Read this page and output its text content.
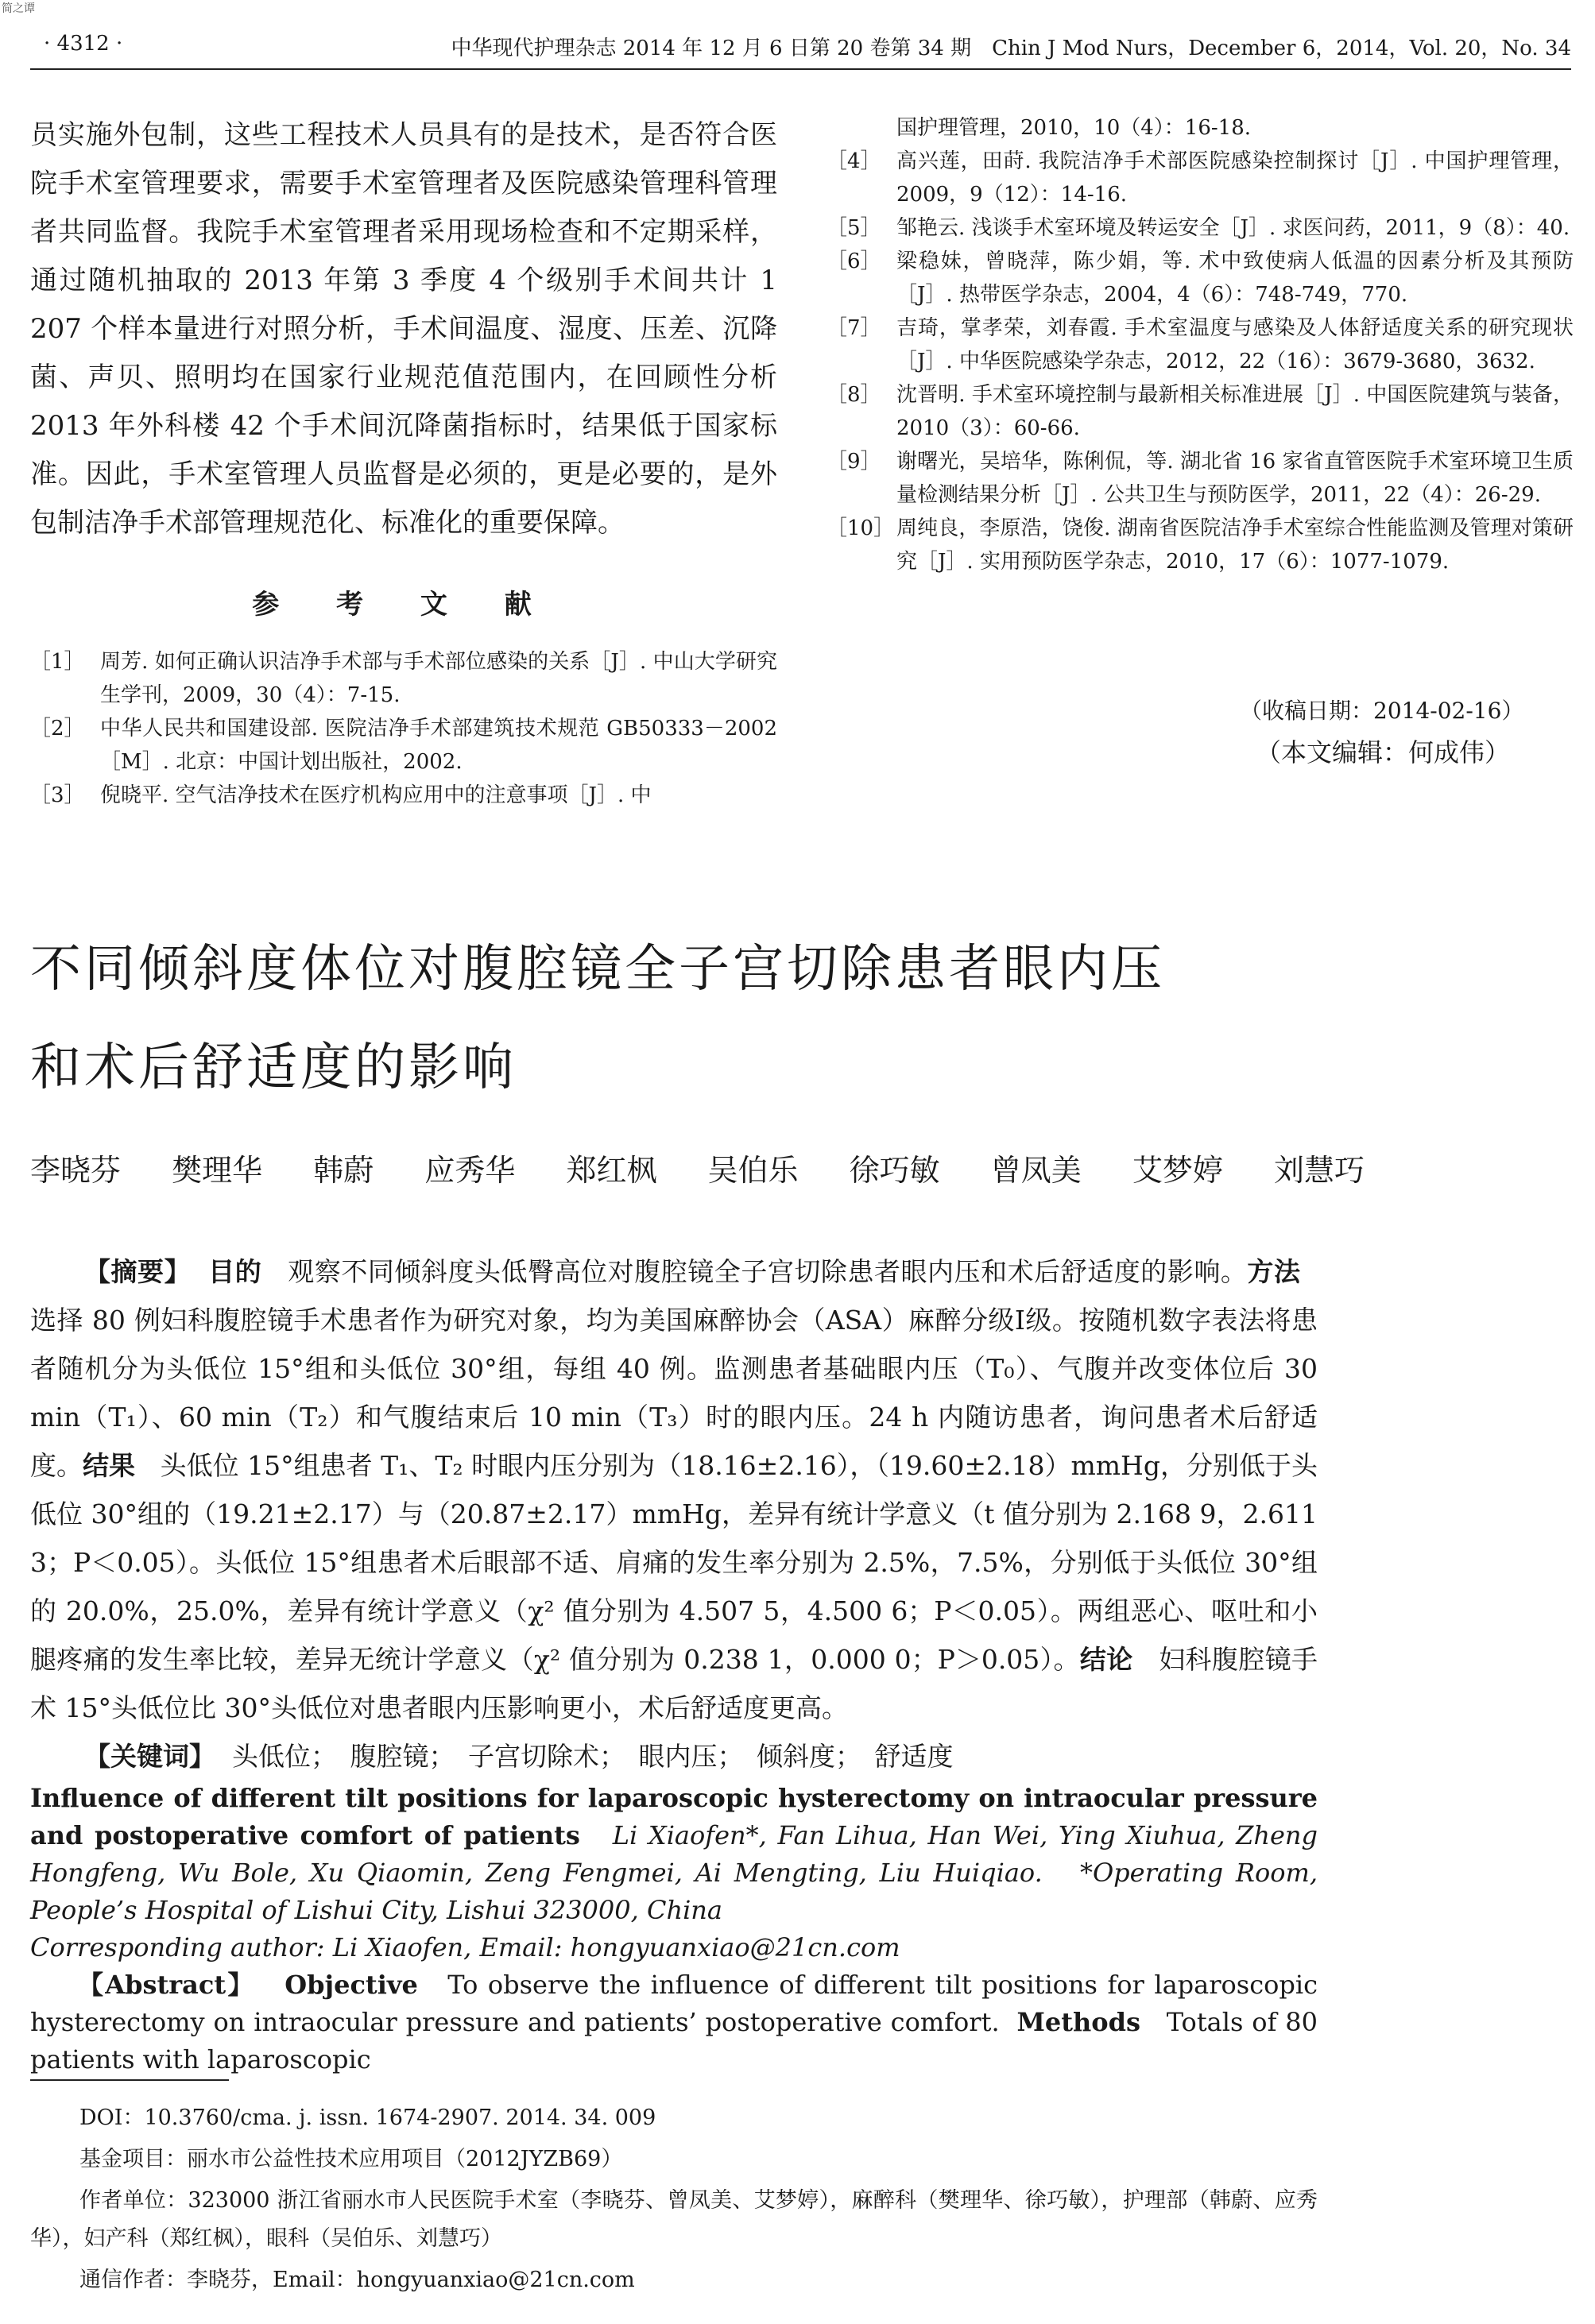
简之谭
· 4312 ·	中华现代护理杂志 2014 年 12 月 6 日第 20 卷第 34 期　Chin J Mod Nurs，December 6，2014，Vol. 20，No. 34

员实施外包制，这些工程技术人员具有的是技术，是否符合医院手术室管理要求，需要手术室管理者及医院感染管理科管理者共同监督。我院手术室管理者采用现场检查和不定期采样，通过随机抽取的 2013 年第 3 季度 4 个级别手术间共计 1 207 个样本量进行对照分析，手术间温度、湿度、压差、沉降菌、声贝、照明均在国家行业规范值范围内，在回顾性分析 2013 年外科楼 42 个手术间沉降菌指标时，结果低于国家标准。因此，手术室管理人员监督是必须的，更是必要的，是外包制洁净手术部管理规范化、标准化的重要保障。

参 考 文 献
［1］ 周芳. 如何正确认识洁净手术部与手术部位感染的关系［J］. 中山大学研究生学刊，2009，30（4）：7-15.
［2］ 中华人民共和国建设部. 医院洁净手术部建筑技术规范 GB50333－2002［M］. 北京：中国计划出版社，2002.
［3］ 倪晓平. 空气洁净技术在医疗机构应用中的注意事项［J］. 中
国护理管理，2010，10（4）：16-18.
［4］ 高兴莲，田莳. 我院洁净手术部医院感染控制探讨［J］. 中国护理管理，2009，9（12）：14-16.
［5］ 邹艳云. 浅谈手术室环境及转运安全［J］. 求医问药，2011，9（8）：40.
［6］ 梁稳妹，曾晓萍，陈少娟，等. 术中致使病人低温的因素分析及其预防［J］. 热带医学杂志，2004，4（6）：748-749，770.
［7］ 吉琦，掌孝荣，刘春霞. 手术室温度与感染及人体舒适度关系的研究现状［J］. 中华医院感染学杂志，2012，22（16）：3679-3680，3632.
［8］ 沈晋明. 手术室环境控制与最新相关标准进展［J］. 中国医院建筑与装备，2010（3）：60-66.
［9］ 谢曙光，吴培华，陈俐侃，等. 湖北省 16 家省直管医院手术室环境卫生质量检测结果分析［J］. 公共卫生与预防医学，2011，22（4）：26-29.
［10］ 周纯良，李原浩，饶俊. 湖南省医院洁净手术室综合性能监测及管理对策研究［J］. 实用预防医学杂志，2010，17（6）：1077-1079.
（收稿日期：2014-02-16）
（本文编辑：何成伟）
不同倾斜度体位对腹腔镜全子宫切除患者眼内压
和术后舒适度的影响
李晓芬 樊理华 韩蔚 应秀华 郑红枫 吴伯乐 徐巧敏 曾凤美 艾梦婷 刘慧巧

【摘要】 目的 观察不同倾斜度头低臀高位对腹腔镜全子宫切除患者眼内压和术后舒适度的影响。方法   选择 80 例妇科腹腔镜手术患者作为研究对象，均为美国麻醉协会（ASA）麻醉分级Ⅰ级。按随机数字表法将患者随机分为头低位 15°组和头低位 30°组，每组 40 例。监测患者基础眼内压（T₀）、气腹并改变体位后 30 min（T₁）、60 min（T₂）和气腹结束后 10 min（T₃）时的眼内压。24 h 内随访患者，询问患者术后舒适度。结果 头低位 15°组患者 T₁、T₂ 时眼内压分别为（18.16±2.16），（19.60±2.18）mmHg，分别低于头低位 30°组的（19.21±2.17）与（20.87±2.17）mmHg，差异有统计学意义（t 值分别为 2.168 9，2.611 3；P＜0.05）。头低位 15°组患者术后眼部不适、肩痛的发生率分别为 2.5%，7.5%，分别低于头低位 30°组的 20.0%，25.0%，差异有统计学意义（χ² 值分别为 4.507 5，4.500 6；P＜0.05）。两组恶心、呕吐和小腿疼痛的发生率比较，差异无统计学意义（χ² 值分别为 0.238 1，0.000 0；P＞0.05）。结论 妇科腹腔镜手术 15°头低位比 30°头低位对患者眼内压影响更小，术后舒适度更高。

【关键词】 头低位；　腹腔镜；　子宫切除术；　眼内压；　倾斜度；　舒适度

Influence of different tilt positions for laparoscopic hysterectomy on intraocular pressure and postoperative comfort of patients Li Xiaofen*, Fan Lihua, Han Wei, Ying Xiuhua, Zheng Hongfeng, Wu Bole, Xu Qiaomin, Zeng Fengmei, Ai Mengting, Liu Huiqiao. *Operating Room, People’s Hospital of Lishui City, Lishui 323000, China

Corresponding author: Li Xiaofen, Email: hongyuanxiao@21cn.com

【Abstract】 Objective To observe the influence of different tilt positions for laparoscopic hysterectomy on intraocular pressure and patients’ postoperative comfort. Methods Totals of 80 patients with laparoscopic

DOI：10.3760/cma. j. issn. 1674-2907. 2014. 34. 009

基金项目：丽水市公益性技术应用项目（2012JYZB69）

作者单位：323000 浙江省丽水市人民医院手术室（李晓芬、曾凤美、艾梦婷），麻醉科（樊理华、徐巧敏），护理部（韩蔚、应秀华），妇产科（郑红枫），眼科（吴伯乐、刘慧巧）

通信作者：李晓芬，Email：hongyuanxiao@21cn.com
